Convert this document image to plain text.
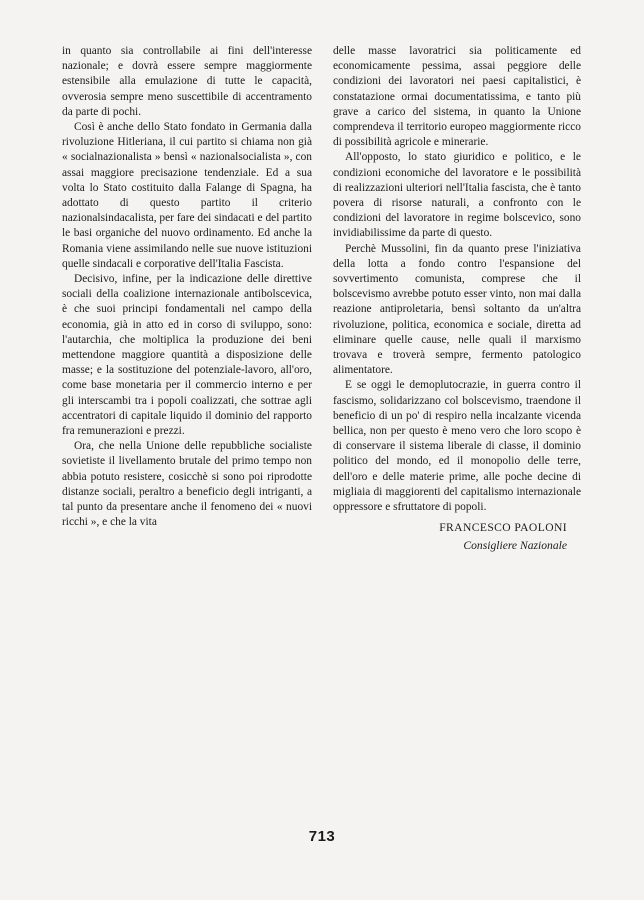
in quanto sia controllabile ai fini dell'interesse nazionale; e dovrà essere sempre maggiormente estensibile alla emulazione di tutte le capacità, ovverosia sempre meno suscettibile di accentramento da parte di pochi.

Così è anche dello Stato fondato in Germania dalla rivoluzione Hitleriana, il cui partito si chiama non già « socialnazionalista » bensì « nazionalsocialista », con assai maggiore precisazione tendenziale. Ed a sua volta lo Stato costituito dalla Falange di Spagna, ha adottato di questo partito il criterio nazionalsindacalista, per fare dei sindacati e del partito le basi organiche del nuovo ordinamento. Ed anche la Romania viene assimilando nelle sue nuove istituzioni quelle sindacali e corporative dell'Italia Fascista.

Decisivo, infine, per la indicazione delle direttive sociali della coalizione internazionale antibolscevica, è che suoi principi fondamentali nel campo della economia, già in atto ed in corso di sviluppo, sono: l'autarchia, che moltiplica la produzione dei beni mettendone maggiore quantità a disposizione delle masse; e la sostituzione del potenziale-lavoro, all'oro, come base monetaria per il commercio interno e per gli interscambi tra i popoli coalizzati, che sottrae agli accentratori di capitale liquido il dominio del rapporto fra remunerazioni e prezzi.

Ora, che nella Unione delle repubbliche socialiste sovietiste il livellamento brutale del primo tempo non abbia potuto resistere, cosicchè si sono poi riprodotte distanze sociali, peraltro a beneficio degli intriganti, a tal punto da presentare anche il fenomeno dei « nuovi ricchi », e che la vita

delle masse lavoratrici sia politicamente ed economicamente pessima, assai peggiore delle condizioni dei lavoratori nei paesi capitalistici, è constatazione ormai documentatissima, e tanto più grave a carico del sistema, in quanto la Unione comprendeva il territorio europeo maggiormente ricco di possibilità agricole e minerarie.

All'opposto, lo stato giuridico e politico, e le condizioni economiche del lavoratore e le possibilità di realizzazioni ulteriori nell'Italia fascista, che è tanto povera di risorse naturali, a confronto con le condizioni del lavoratore in regime bolscevico, sono invidiabilissime da parte di questo.

Perchè Mussolini, fin da quanto prese l'iniziativa della lotta a fondo contro l'espansione del sovvertimento comunista, comprese che il bolscevismo avrebbe potuto esser vinto, non mai dalla reazione antiproletaria, bensì soltanto da un'altra rivoluzione, politica, economica e sociale, diretta ad eliminare quelle cause, nelle quali il marxismo trovava e troverà sempre, fermento patologico alimentatore.

E se oggi le demoplutocrazie, in guerra contro il fascismo, solidarizzano col bolscevismo, traendone il beneficio di un po' di respiro nella incalzante vicenda bellica, non per questo è meno vero che loro scopo è di conservare il sistema liberale di classe, il dominio politico del mondo, ed il monopolio delle terre, dell'oro e delle materie prime, alle poche decine di migliaia di maggiorenti del capitalismo internazionale oppressore e sfruttatore di popoli.

FRANCESCO PAOLONI
Consigliere Nazionale
713
